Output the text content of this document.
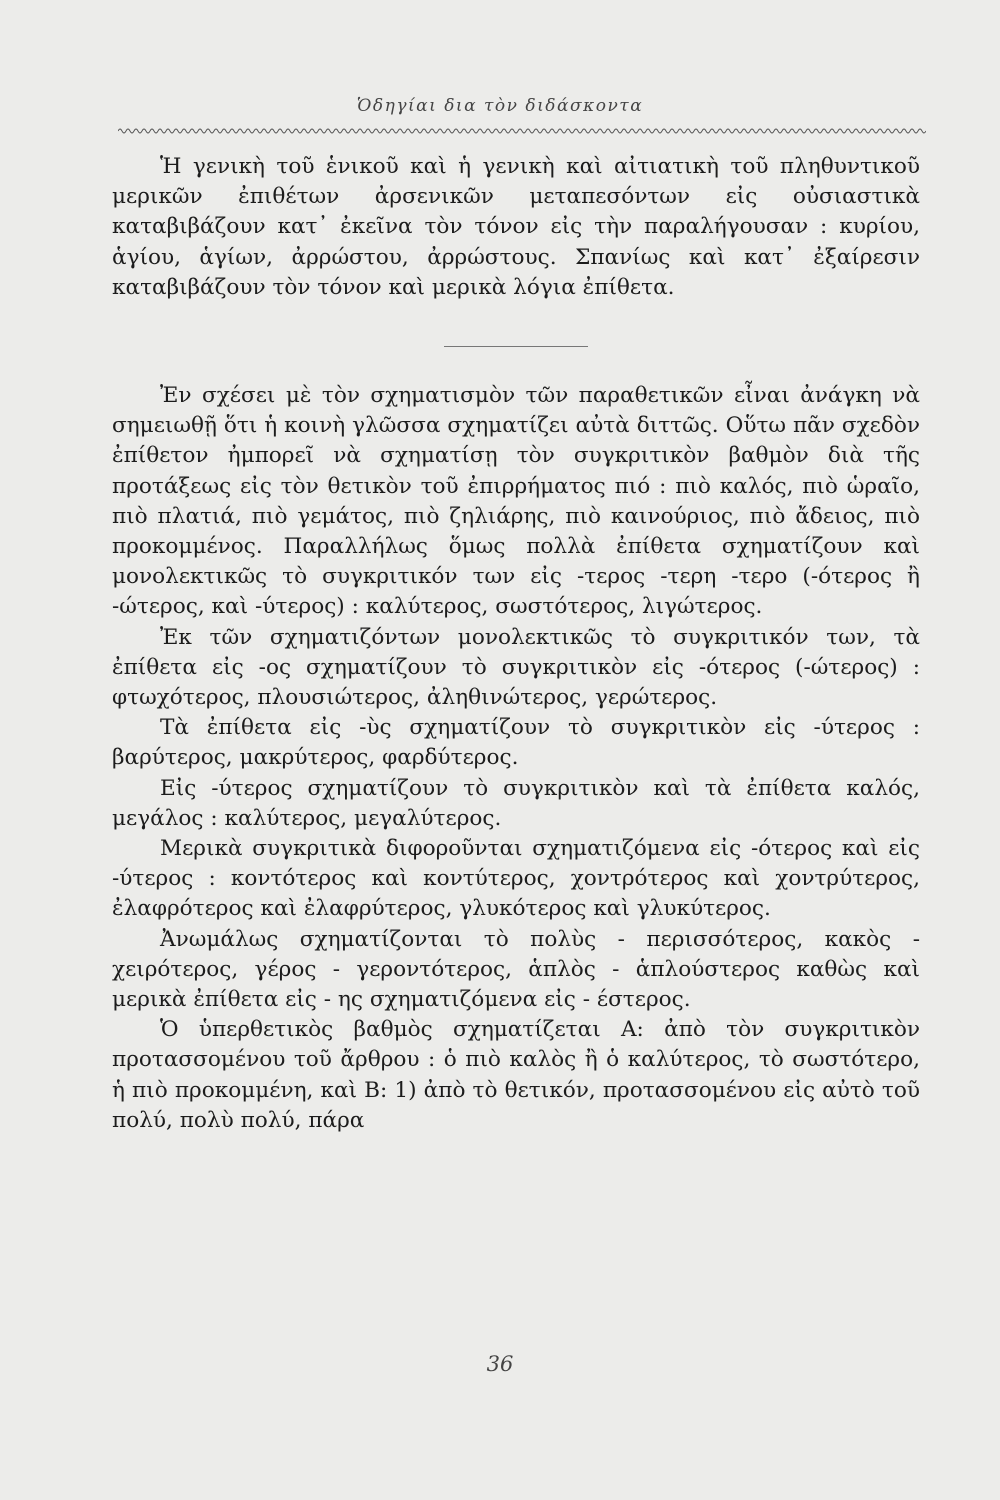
Ὁδηγίαι δια τὸν διδάσκοντα

Ἡ γενικὴ τοῦ ἑνικοῦ καὶ ἡ γενικὴ καὶ αἰτιατικὴ τοῦ πληθυντικοῦ μερικῶν ἐπιθέτων ἀρσενικῶν μεταπεσόντων εἰς οὐσιαστικὰ καταβιβάζουν κατ᾽ ἐκεῖνα τὸν τόνον εἰς τὴν παραλήγουσαν : κυρίου, ἁγίου, ἁγίων, ἀρρώστου, ἀρρώστους. Σπανίως καὶ κατ᾽ ἐξαίρεσιν καταβιβάζουν τὸν τόνον καὶ μερικὰ λόγια ἐπίθετα.

Ἐν σχέσει μὲ τὸν σχηματισμὸν τῶν παραθετικῶν εἶναι ἀνάγκη νὰ σημειωθῇ ὅτι ἡ κοινὴ γλῶσσα σχηματίζει αὐτὰ διττῶς. Οὕτω πᾶν σχεδὸν ἐπίθετον ἠμπορεῖ νὰ σχηματίσῃ τὸν συγκριτικὸν βαθμὸν διὰ τῆς προτάξεως εἰς τὸν θετικὸν τοῦ ἐπιρρήματος πιό : πιὸ καλός, πιὸ ὡραῖο, πιὸ πλατιά, πιὸ γεμάτος, πιὸ ζηλιάρης, πιὸ καινούριος, πιὸ ἄδειος, πιὸ προκομμένος. Παραλλήλως ὅμως πολλὰ ἐπίθετα σχηματίζουν καὶ μονολεκτικῶς τὸ συγκριτικόν των εἰς -τερος -τερη -τερο (-ότερος ἢ -ώτερος, καὶ -ύτερος) : καλύτερος, σωστότερος, λιγώτερος.

Ἐκ τῶν σχηματιζόντων μονολεκτικῶς τὸ συγκριτικόν των, τὰ ἐπίθετα εἰς -ος σχηματίζουν τὸ συγκριτικὸν εἰς -ότερος (-ώτερος) : φτωχότερος, πλουσιώτερος, ἀληθινώτερος, γερώτερος.

Τὰ ἐπίθετα εἰς -ὺς σχηματίζουν τὸ συγκριτικὸν εἰς -ύτερος : βαρύτερος, μακρύτερος, φαρδύτερος.

Εἰς -ύτερος σχηματίζουν τὸ συγκριτικὸν καὶ τὰ ἐπίθετα καλός, μεγάλος : καλύτερος, μεγαλύτερος.

Μερικὰ συγκριτικὰ διφοροῦνται σχηματιζόμενα εἰς -ότερος καὶ εἰς -ύτερος : κοντότερος καὶ κοντύτερος, χοντρότερος καὶ χοντρύτερος, ἐλαφρότερος καὶ ἐλαφρύτερος, γλυκότερος καὶ γλυκύτερος.

Ἀνωμάλως σχηματίζονται τὸ πολὺς - περισσότερος, κακὸς - χειρότερος, γέρος - γεροντότερος, ἁπλὸς - ἁπλούστερος καθὼς καὶ μερικὰ ἐπίθετα εἰς - ης σχηματιζόμενα εἰς - έστερος.

Ὁ ὑπερθετικὸς βαθμὸς σχηματίζεται Α: ἀπὸ τὸν συγκριτικὸν προτασσομένου τοῦ ἄρθρου : ὁ πιὸ καλὸς ἢ ὁ καλύτερος, τὸ σωστότερο, ἡ πιὸ προκομμένη, καὶ Β: 1) ἀπὸ τὸ θετικόν, προτασσομένου εἰς αὐτὸ τοῦ πολύ, πολὺ πολύ, πάρα

36
